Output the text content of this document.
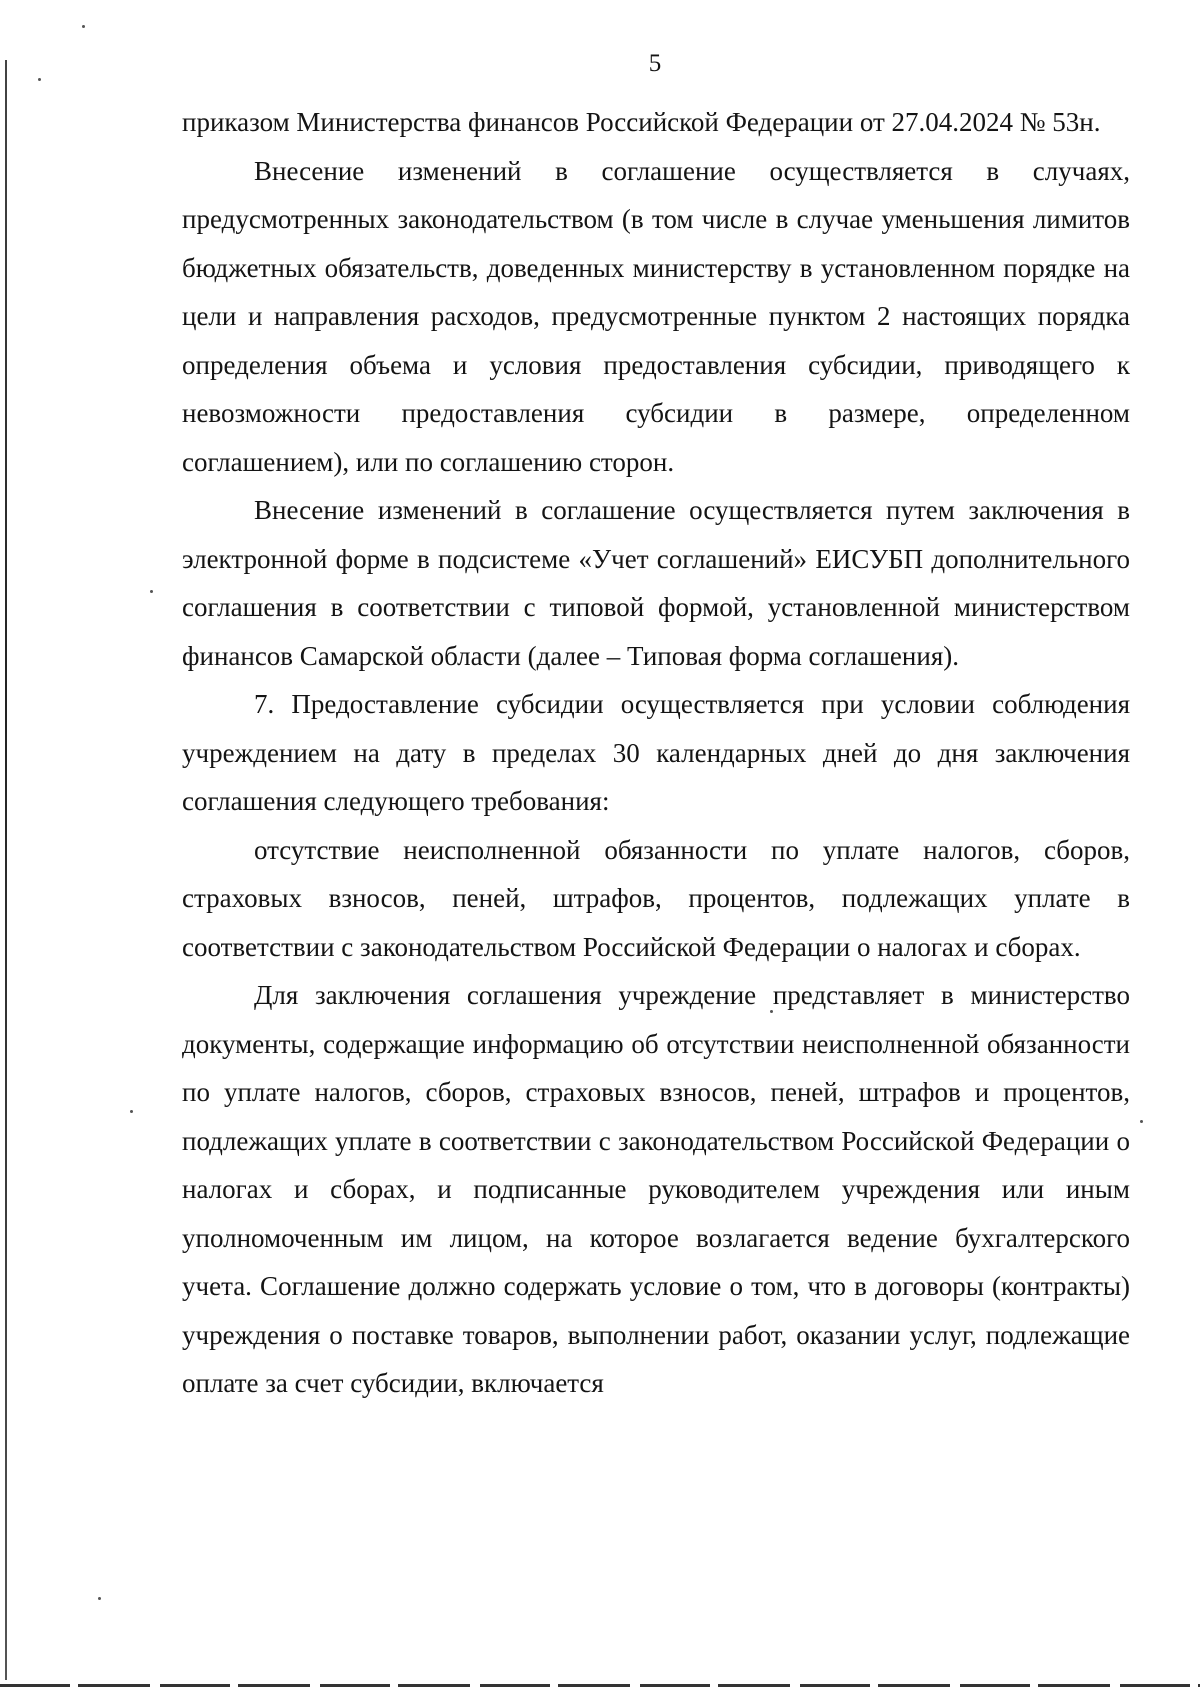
5

приказом Министерства финансов Российской Федерации от 27.04.2024 № 53н.

Внесение изменений в соглашение осуществляется в случаях, предусмотренных законодательством (в том числе в случае уменьшения лимитов бюджетных обязательств, доведенных министерству в установленном порядке на цели и направления расходов, предусмотренные пунктом 2 настоящих порядка определения объема и условия предоставления субсидии, приводящего к невозможности предоставления субсидии в размере, определенном соглашением), или по соглашению сторон.

Внесение изменений в соглашение осуществляется путем заключения в электронной форме в подсистеме «Учет соглашений» ЕИСУБП дополнительного соглашения в соответствии с типовой формой, установленной министерством финансов Самарской области (далее – Типовая форма соглашения).

7. Предоставление субсидии осуществляется при условии соблюдения учреждением на дату в пределах 30 календарных дней до дня заключения соглашения следующего требования:

отсутствие неисполненной обязанности по уплате налогов, сборов, страховых взносов, пеней, штрафов, процентов, подлежащих уплате в соответствии с законодательством Российской Федерации о налогах и сборах.

Для заключения соглашения учреждение представляет в министерство документы, содержащие информацию об отсутствии неисполненной обязанности по уплате налогов, сборов, страховых взносов, пеней, штрафов и процентов, подлежащих уплате в соответствии с законодательством Российской Федерации о налогах и сборах, и подписанные руководителем учреждения или иным уполномоченным им лицом, на которое возлагается ведение бухгалтерского учета. Соглашение должно содержать условие о том, что в договоры (контракты) учреждения о поставке товаров, выполнении работ, оказании услуг, подлежащие оплате за счет субсидии, включается
